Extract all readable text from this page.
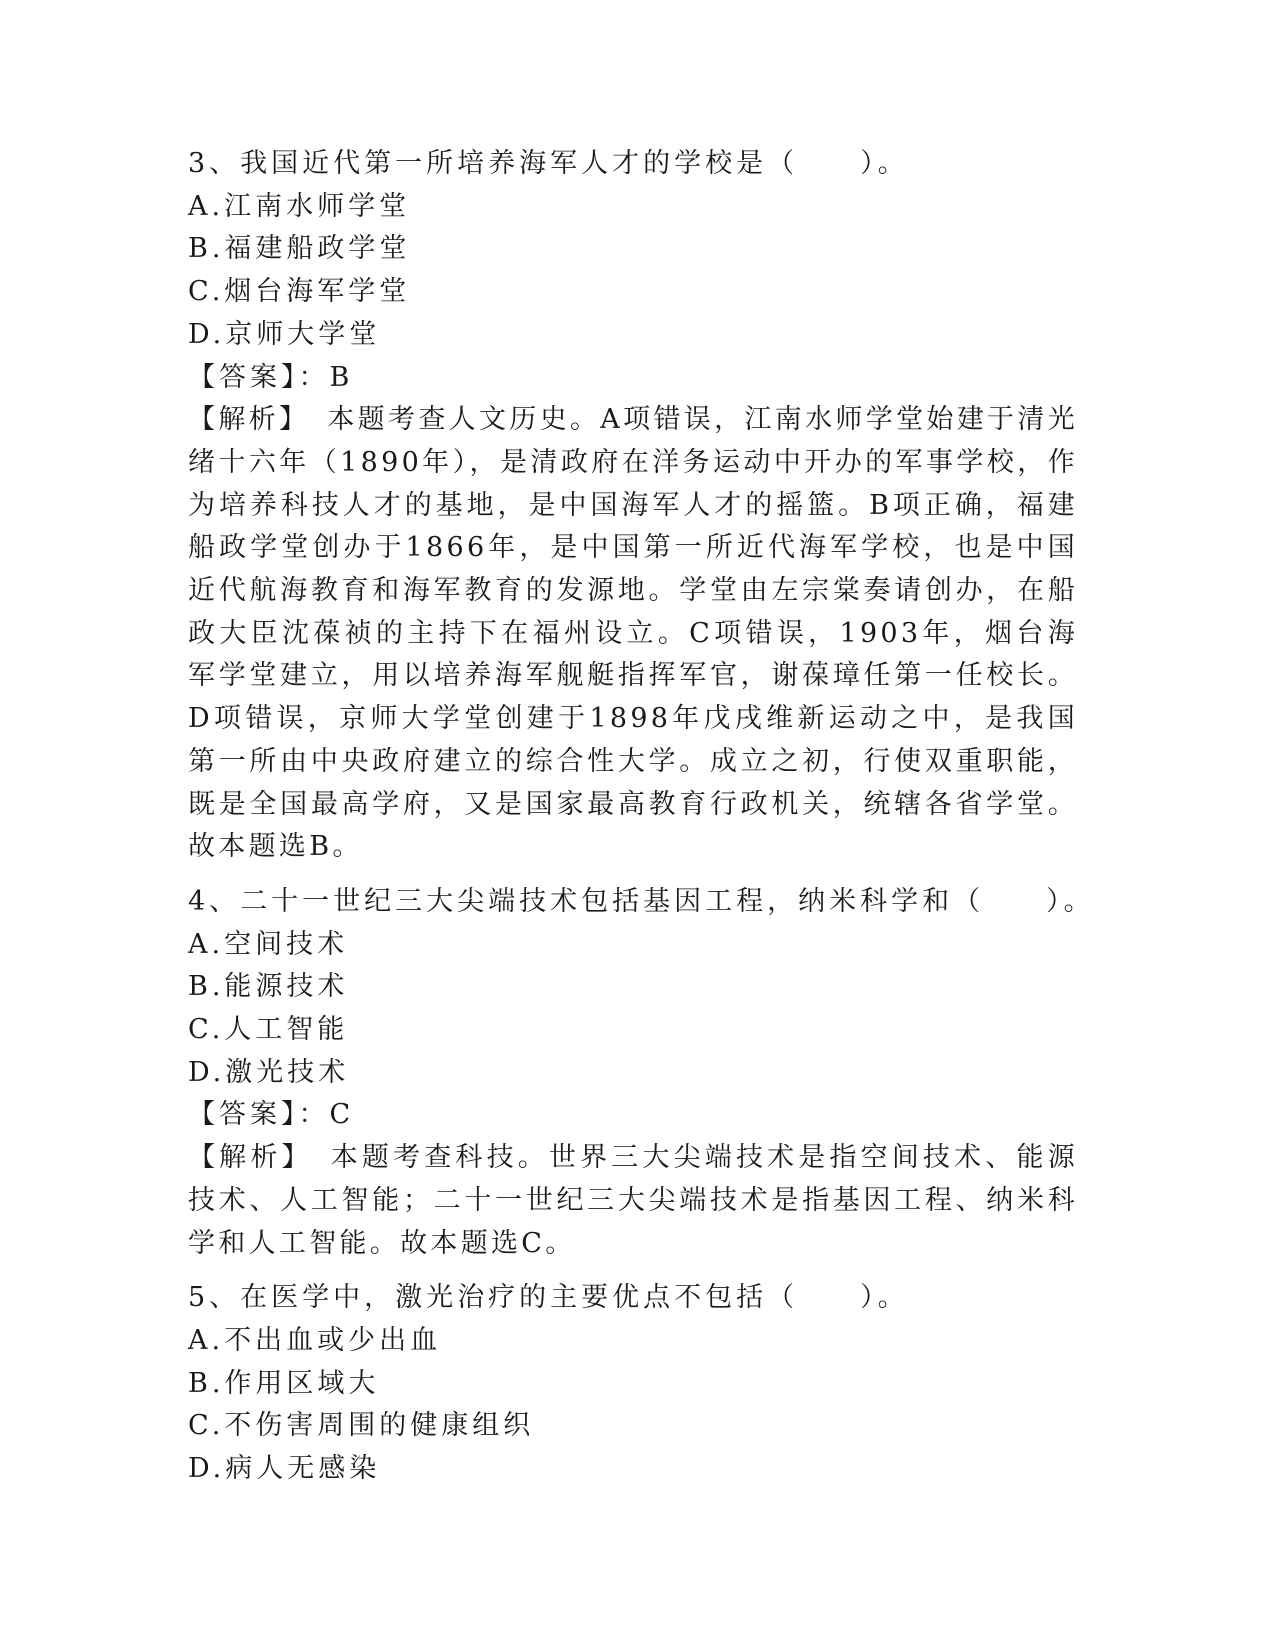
3、我国近代第一所培养海军人才的学校是（　　）。
A.江南水师学堂
B.福建船政学堂
C.烟台海军学堂
D.京师大学堂
【答案】：B
【解析】 本题考查人文历史。A项错误，江南水师学堂始建于清光绪十六年（1890年），是清政府在洋务运动中开办的军事学校，作为培养科技人才的基地，是中国海军人才的摇篮。B项正确，福建船政学堂创办于1866年，是中国第一所近代海军学校，也是中国近代航海教育和海军教育的发源地。学堂由左宗棠奏请创办，在船政大臣沈葆祯的主持下在福州设立。C项错误，1903年，烟台海军学堂建立，用以培养海军舰艇指挥军官，谢葆璋任第一任校长。D项错误，京师大学堂创建于1898年戊戌维新运动之中，是我国第一所由中央政府建立的综合性大学。成立之初，行使双重职能，既是全国最高学府，又是国家最高教育行政机关，统辖各省学堂。故本题选B。
4、二十一世纪三大尖端技术包括基因工程，纳米科学和（　　）。
A.空间技术
B.能源技术
C.人工智能
D.激光技术
【答案】：C
【解析】 本题考查科技。世界三大尖端技术是指空间技术、能源技术、人工智能；二十一世纪三大尖端技术是指基因工程、纳米科学和人工智能。故本题选C。
5、在医学中，激光治疗的主要优点不包括（　　）。
A.不出血或少出血
B.作用区域大
C.不伤害周围的健康组织
D.病人无感染
